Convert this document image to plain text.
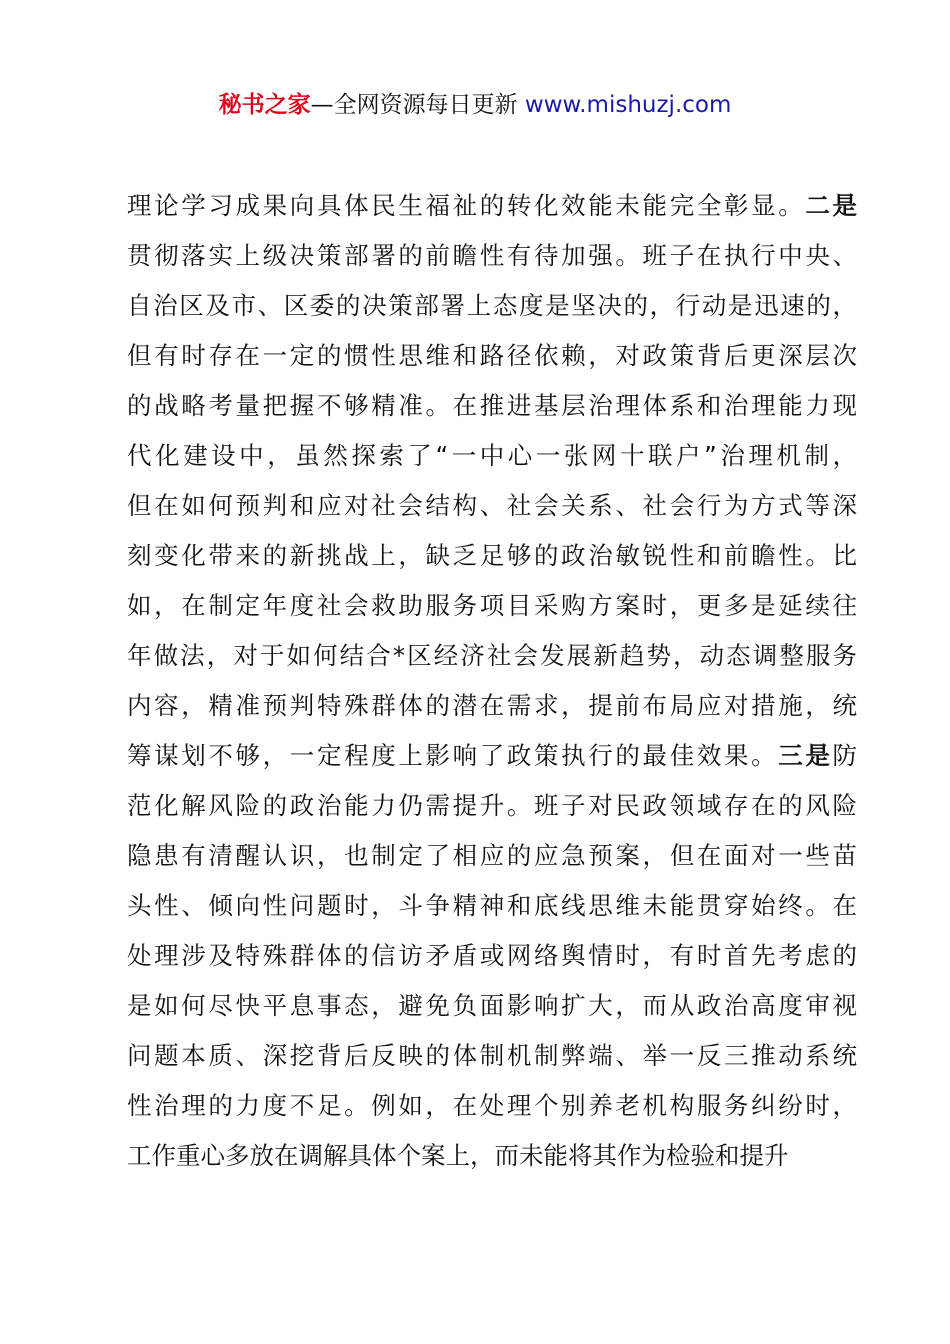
秘书之家—全网资源每日更新 www.mishuzj.com
理论学习成果向具体民生福祉的转化效能未能完全彰显。二是
贯彻落实上级决策部署的前瞻性有待加强。班子在执行中央、
自治区及市、区委的决策部署上态度是坚决的，行动是迅速的，
但有时存在一定的惯性思维和路径依赖，对政策背后更深层次
的战略考量把握不够精准。在推进基层治理体系和治理能力现
代化建设中，虽然探索了“一中心一张网十联户”治理机制，
但在如何预判和应对社会结构、社会关系、社会行为方式等深
刻变化带来的新挑战上，缺乏足够的政治敏锐性和前瞻性。比
如，在制定年度社会救助服务项目采购方案时，更多是延续往
年做法，对于如何结合*区经济社会发展新趋势，动态调整服务
内容，精准预判特殊群体的潜在需求，提前布局应对措施，统
筹谋划不够，一定程度上影响了政策执行的最佳效果。三是防
范化解风险的政治能力仍需提升。班子对民政领域存在的风险
隐患有清醒认识，也制定了相应的应急预案，但在面对一些苗
头性、倾向性问题时，斗争精神和底线思维未能贯穿始终。在
处理涉及特殊群体的信访矛盾或网络舆情时，有时首先考虑的
是如何尽快平息事态，避免负面影响扩大，而从政治高度审视
问题本质、深挖背后反映的体制机制弊端、举一反三推动系统
性治理的力度不足。例如，在处理个别养老机构服务纠纷时，
工作重心多放在调解具体个案上，而未能将其作为检验和提升
